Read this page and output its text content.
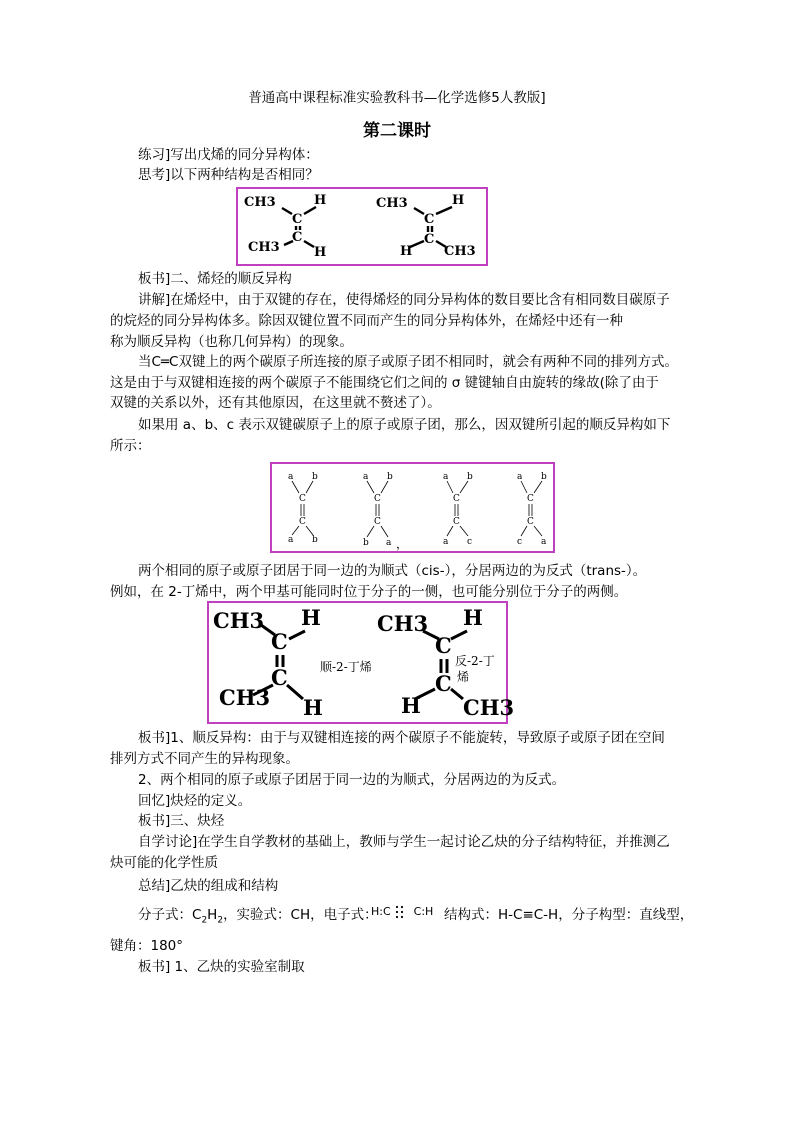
普通高中课程标准实验教科书—化学选修5人教版]
第二课时
练习]写出戊烯的同分异构体：
思考]以下两种结构是否相同？
CH3	H
C
C
CH3	H
CH3	H
C
C
H CH3
板书]二、烯烃的顺反异构
讲解]在烯烃中，由于双键的存在，使得烯烃的同分异构体的数目要比含有相同数目碳原子
的烷烃的同分异构体多。除因双键位置不同而产生的同分异构体外，在烯烃中还有一种
称为顺反异构（也称几何异构）的现象。
当C═C双键上的两个碳原子所连接的原子或原子团不相同时，就会有两种不同的排列方式。
这是由于与双键相连接的两个碳原子不能围绕它们之间的 σ 键键轴自由旋转的缘故(除了由于
双键的关系以外，还有其他原因，在这里就不赘述了）。
如果用 a、b、c 表示双键碳原子上的原子或原子团，那么，因双键所引起的顺反异构如下
所示：
a b
C
C
a b
a b
C
C
b a ，
a b
C
C
a c
a b
C
C
c a
两个相同的原子或原子团居于同一边的为顺式（cis-），分居两边的为反式（trans-）。
例如，在 2-丁烯中，两个甲基可能同时位于分子的一侧，也可能分别位于分子的两侧。
CH3 H
C
C
CH3 H
CH3 H
C
C
H CH3
顺-2-丁烯	反-2-丁
烯
板书]1、顺反异构：由于与双键相连接的两个碳原子不能旋转，导致原子或原子团在空间
排列方式不同产生的异构现象。
2、两个相同的原子或原子团居于同一边的为顺式，分居两边的为反式。
回忆]炔烃的定义。
板书]三、炔烃
自学讨论]在学生自学教材的基础上，教师与学生一起讨论乙炔的分子结构特征，并推测乙
炔可能的化学性质
总结]乙炔的组成和结构
分子式：$C_2H_2$，实验式：CH，电子式：
H:C C:H 结构式：H-C≡C-H，分子构型：直线型，
键角：180°
板书] 1、乙炔的实验室制取
